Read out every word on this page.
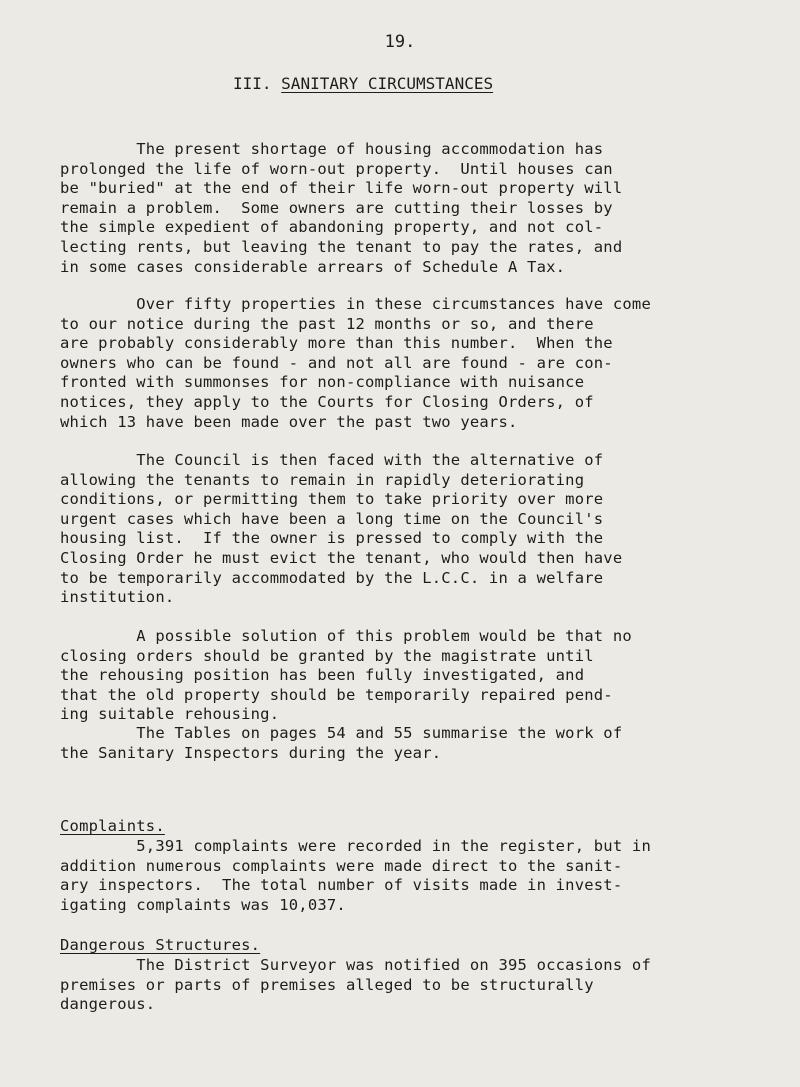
19.
III. SANITARY CIRCUMSTANCES
The present shortage of housing accommodation has
prolonged the life of worn-out property.  Until houses can
be "buried" at the end of their life worn-out property will
remain a problem.  Some owners are cutting their losses by
the simple expedient of abandoning property, and not col-
lecting rents, but leaving the tenant to pay the rates, and
in some cases considerable arrears of Schedule A Tax.
Over fifty properties in these circumstances have come
to our notice during the past 12 months or so, and there
are probably considerably more than this number.  When the
owners who can be found - and not all are found - are con-
fronted with summonses for non-compliance with nuisance
notices, they apply to the Courts for Closing Orders, of
which 13 have been made over the past two years.
The Council is then faced with the alternative of
allowing the tenants to remain in rapidly deteriorating
conditions, or permitting them to take priority over more
urgent cases which have been a long time on the Council's
housing list.  If the owner is pressed to comply with the
Closing Order he must evict the tenant, who would then have
to be temporarily accommodated by the L.C.C. in a welfare
institution.
A possible solution of this problem would be that no
closing orders should be granted by the magistrate until
the rehousing position has been fully investigated, and
that the old property should be temporarily repaired pend-
ing suitable rehousing.
The Tables on pages 54 and 55 summarise the work of
the Sanitary Inspectors during the year.
Complaints.
5,391 complaints were recorded in the register, but in
addition numerous complaints were made direct to the sanit-
ary inspectors.  The total number of visits made in invest-
igating complaints was 10,037.
Dangerous Structures.
The District Surveyor was notified on 395 occasions of
premises or parts of premises alleged to be structurally
dangerous.
